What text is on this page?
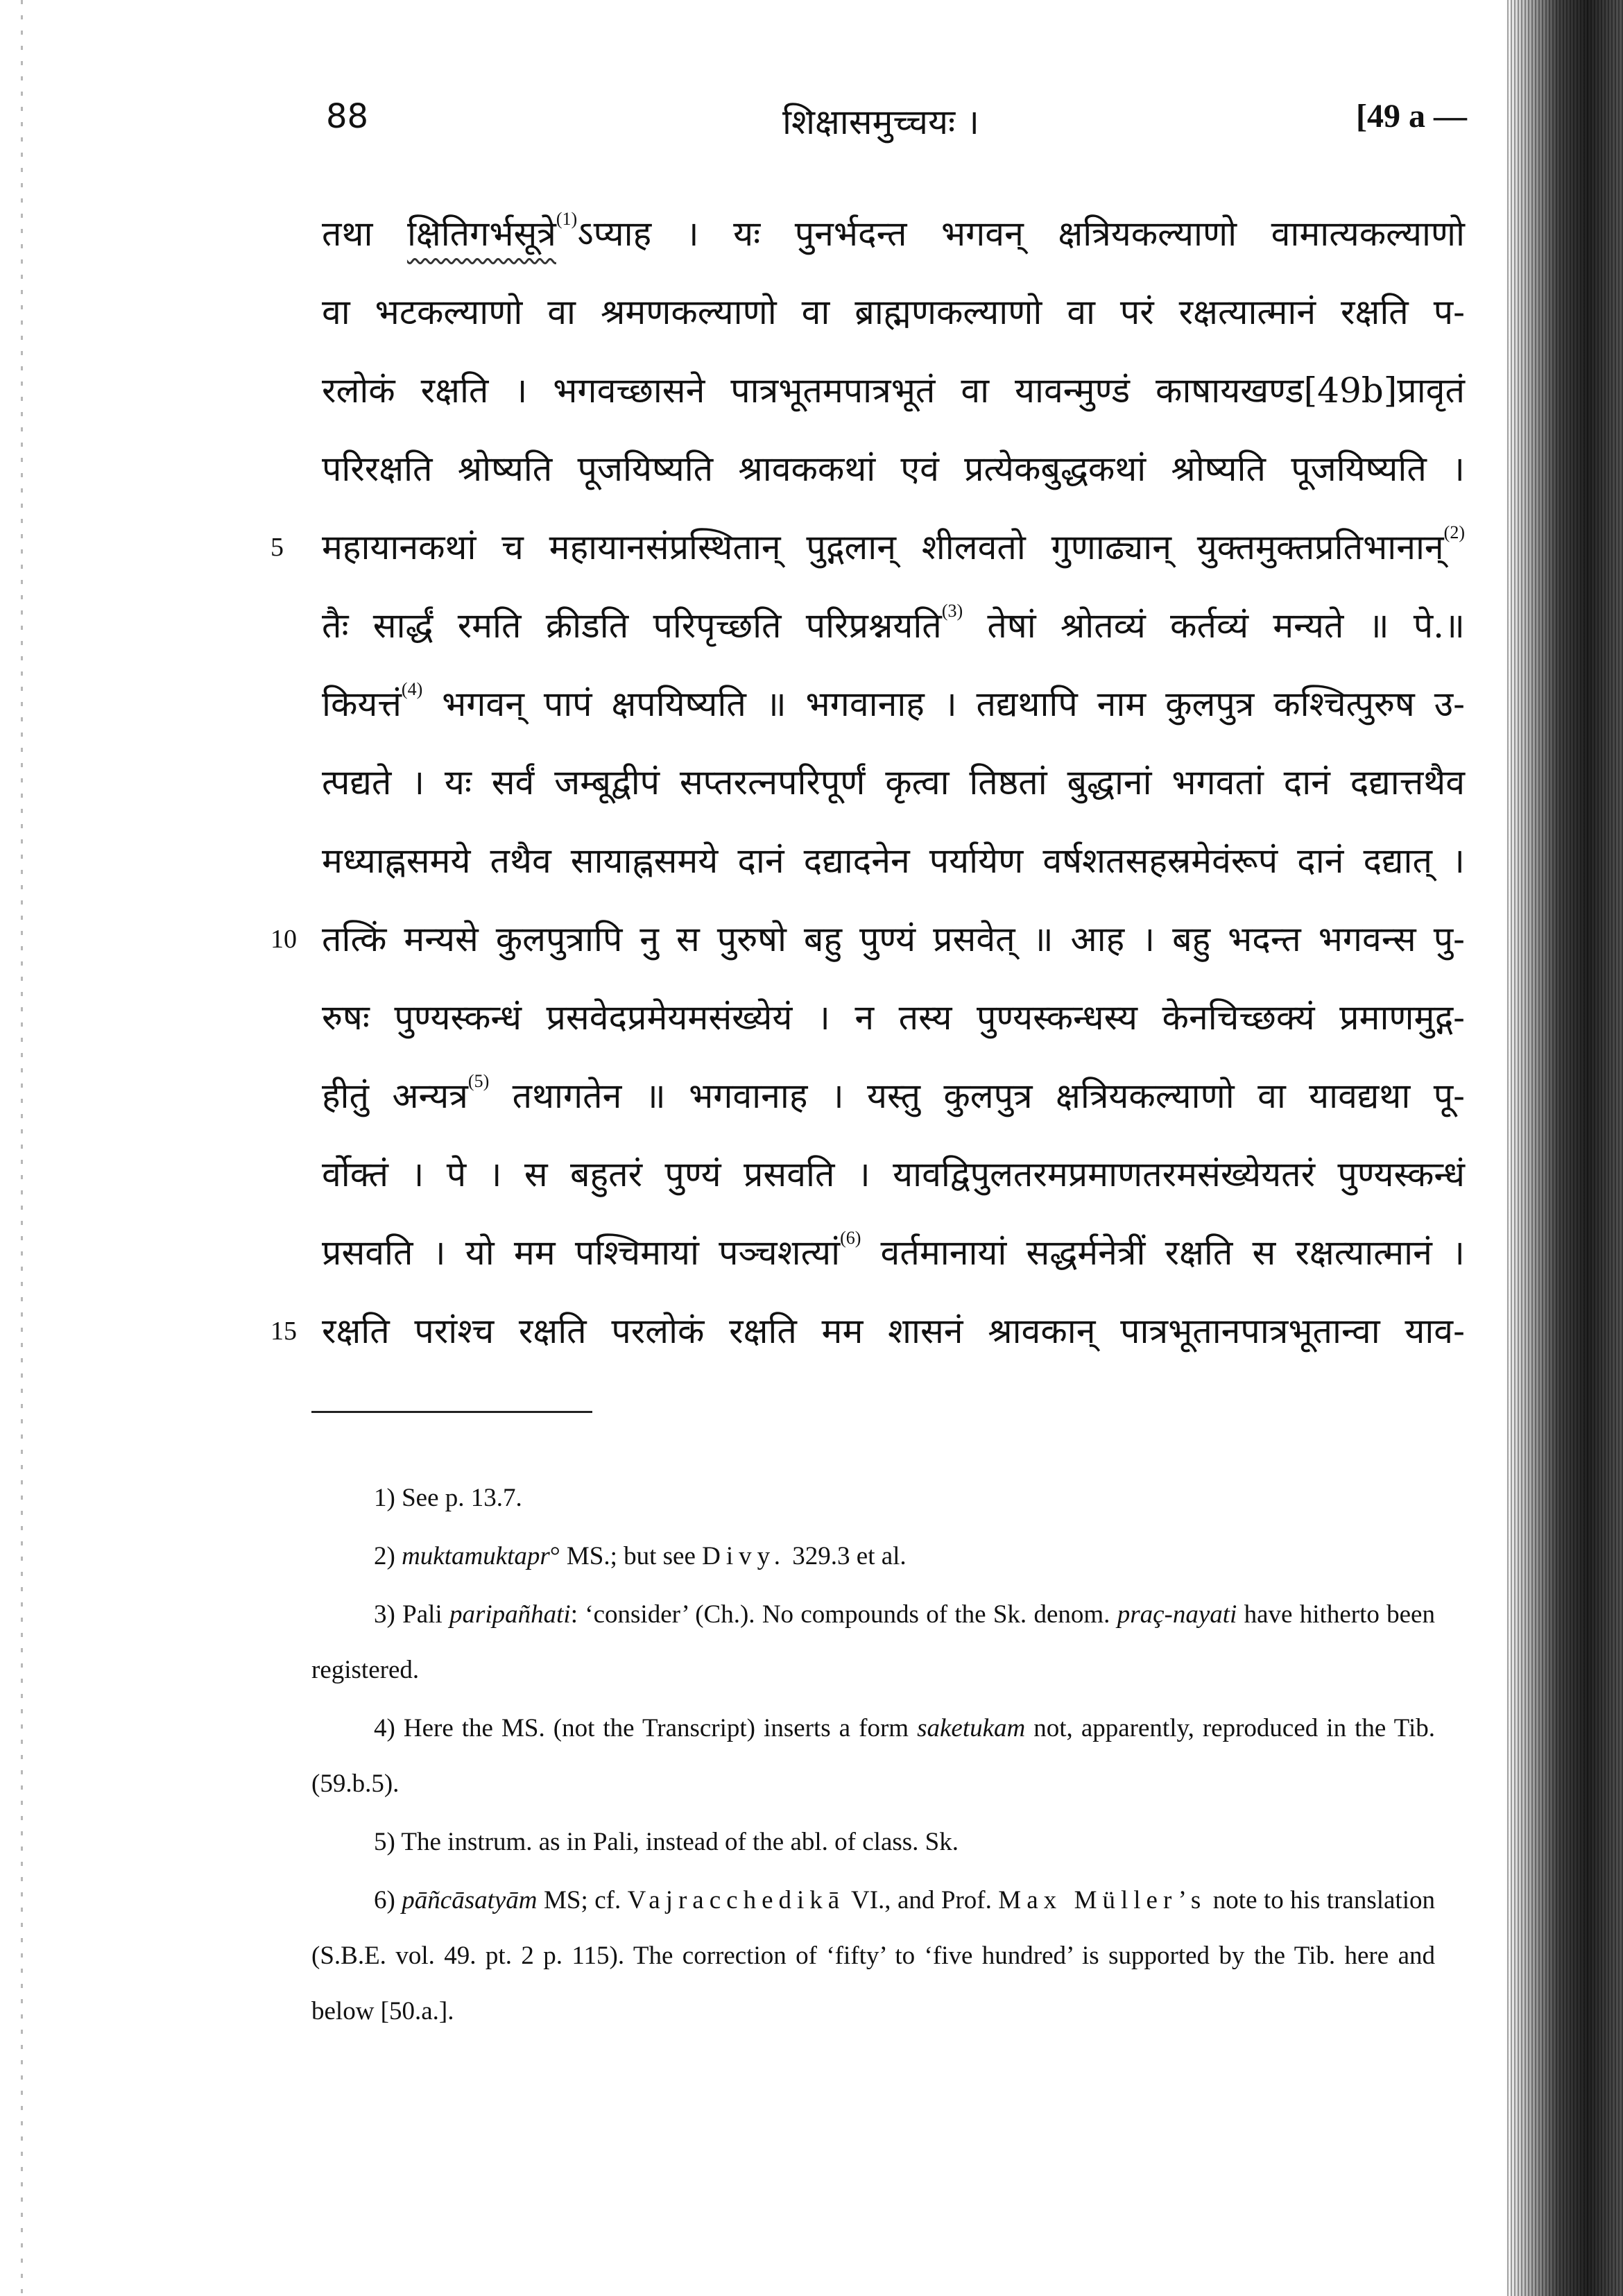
88	शिक्षासमुच्चयः ।	[49 a —
तथा क्षितिगर्भसूत्रे$^{(1)}$ऽप्याह । यः पुनर्भदन्त भगवन् क्षत्रियकल्याणो वामात्यकल्याणो
वा भटकल्याणो वा श्रमणकल्याणो वा ब्राह्मणकल्याणो वा परं रक्षत्यात्मानं रक्षति प-
रलोकं रक्षति । भगवच्छासने पात्रभूतमपात्रभूतं वा यावन्मुण्डं काषायखण्ड[49b]प्रावृतं
परिरक्षति श्रोष्यति पूजयिष्यति श्रावककथां एवं प्रत्येकबुद्धकथां श्रोष्यति पूजयिष्यति ।
5 महायानकथां च महायानसंप्रस्थितान् पुद्गलान् शीलवतो गुणाढ्यान् युक्तमुक्तप्रतिभानान्$^{(2)}$
तैः सार्द्धं रमति क्रीडति परिपृच्छति परिप्रश्नयति$^{(3)}$ तेषां श्रोतव्यं कर्तव्यं मन्यते ॥ पे.॥
कियत्तं$^{(4)}$ भगवन् पापं क्षपयिष्यति ॥ भगवानाह । तद्यथापि नाम कुलपुत्र कश्चित्पुरुष उ-
त्पद्यते । यः सर्वं जम्बूद्वीपं सप्तरत्नपरिपूर्णं कृत्वा तिष्ठतां बुद्धानां भगवतां दानं दद्यात्तथैव
मध्याह्नसमये तथैव सायाह्नसमये दानं दद्यादनेन पर्यायेण वर्षशतसहस्रमेवंरूपं दानं दद्यात् ।
10 तत्किं मन्यसे कुलपुत्रापि नु स पुरुषो बहु पुण्यं प्रसवेत् ॥ आह । बहु भदन्त भगवन्स पु-
रुषः पुण्यस्कन्धं प्रसवेदप्रमेयमसंख्येयं । न तस्य पुण्यस्कन्धस्य केनचिच्छक्यं प्रमाणमुद्ग-
हीतुं अन्यत्र$^{(5)}$ तथागतेन ॥ भगवानाह । यस्तु कुलपुत्र क्षत्रियकल्याणो वा यावद्यथा पू-
र्वोक्तं । पे । स बहुतरं पुण्यं प्रसवति । यावद्विपुलतरमप्रमाणतरमसंख्येयतरं पुण्यस्कन्धं
प्रसवति । यो मम पश्चिमायां पञ्चशत्यां$^{(6)}$ वर्तमानायां सद्धर्मनेत्रीं रक्षति स रक्षत्यात्मानं ।
15 रक्षति परांश्च रक्षति परलोकं रक्षति मम शासनं श्रावकान् पात्रभूतानपात्रभूतान्वा याव-

1) See p. 13.7.

2) muktamuktapr° MS.; but see Divy. 329.3 et al.

3) Pali paripañhati: ‘consider’ (Ch.). No compounds of the Sk. denom. praç-nayati have hitherto been registered.

4) Here the MS. (not the Transcript) inserts a form saketukam not, apparently, reproduced in the Tib. (59.b.5).

5) The instrum. as in Pali, instead of the abl. of class. Sk.

6) pāñcāsatyām MS; cf. Vajracchedikā VI., and Prof. Max Müller’s note to his translation (S.B.E. vol. 49. pt. 2 p. 115). The correction of ‘fifty’ to ‘five hundred’ is supported by the Tib. here and below [50.a.].
